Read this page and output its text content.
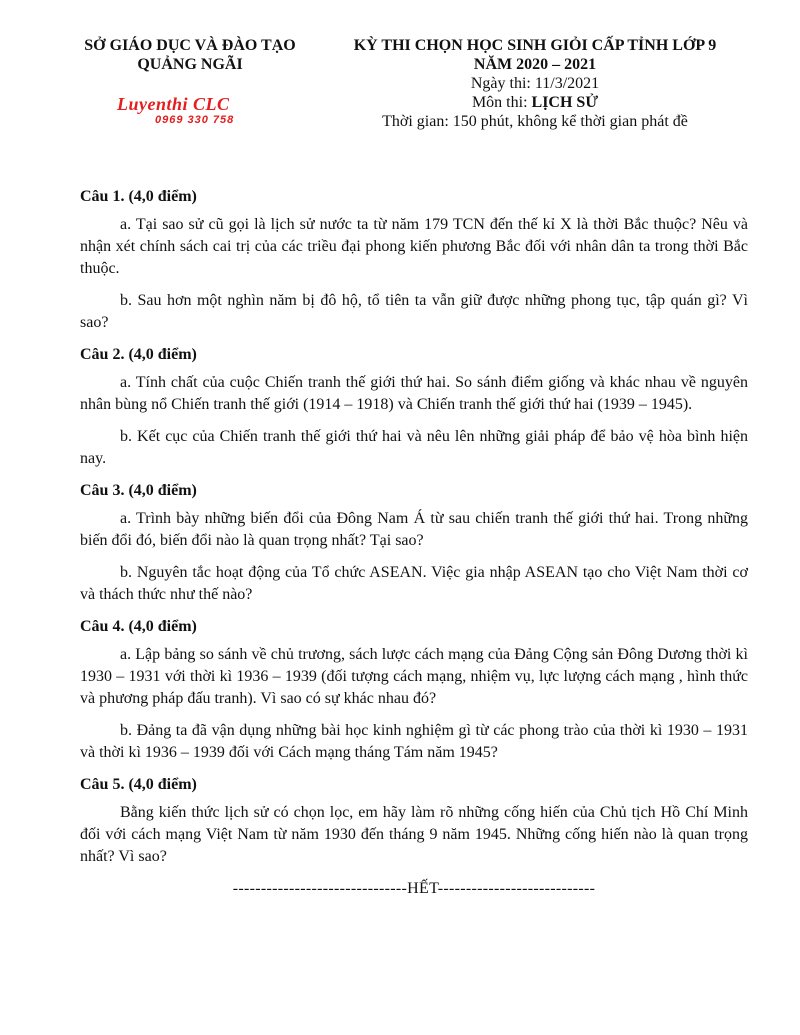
SỞ GIÁO DỤC VÀ ĐÀO TẠO
QUẢNG NGÃI
Luyenthi CLC
0969 330 758
KỲ THI CHỌN HỌC SINH GIỎI CẤP TỈNH LỚP 9
NĂM 2020 – 2021
Ngày thi: 11/3/2021
Môn thi: LỊCH SỬ
Thời gian: 150 phút, không kể thời gian phát đề
Câu 1. (4,0 điểm)

a. Tại sao sử cũ gọi là lịch sử nước ta từ năm 179 TCN đến thế kỉ X là thời Bắc thuộc? Nêu và nhận xét chính sách cai trị của các triều đại phong kiến phương Bắc đối với nhân dân ta trong thời Bắc thuộc.

b. Sau hơn một nghìn năm bị đô hộ, tổ tiên ta vẫn giữ được những phong tục, tập quán gì? Vì sao?

Câu 2. (4,0 điểm)

a. Tính chất của cuộc Chiến tranh thế giới thứ hai. So sánh điểm giống và khác nhau về nguyên nhân bùng nổ Chiến tranh thế giới (1914 – 1918) và Chiến tranh thế giới thứ hai (1939 – 1945).

b. Kết cục của Chiến tranh thế giới thứ hai và nêu lên những giải pháp để bảo vệ hòa bình hiện nay.

Câu 3. (4,0 điểm)

a. Trình bày những biến đổi của Đông Nam Á từ sau chiến tranh thế giới thứ hai. Trong những biến đổi đó, biến đổi nào là quan trọng nhất? Tại sao?

b. Nguyên tắc hoạt động của Tổ chức ASEAN. Việc gia nhập ASEAN tạo cho Việt Nam thời cơ và thách thức như thế nào?

Câu 4. (4,0 điểm)

a. Lập bảng so sánh về chủ trương, sách lược cách mạng của Đảng Cộng sản Đông Dương thời kì 1930 – 1931 với thời kì 1936 – 1939 (đối tượng cách mạng, nhiệm vụ, lực lượng cách mạng , hình thức và phương pháp đấu tranh). Vì sao có sự khác nhau đó?

b. Đảng ta đã vận dụng những bài học kinh nghiệm gì từ các phong trào của thời kì 1930 – 1931 và thời kì 1936 – 1939 đối với Cách mạng tháng Tám năm 1945?

Câu 5. (4,0 điểm)

Bằng kiến thức lịch sử có chọn lọc, em hãy làm rõ những cống hiến của Chủ tịch Hồ Chí Minh đối với cách mạng Việt Nam từ năm 1930 đến tháng 9 năm 1945. Những cống hiến nào là quan trọng nhất? Vì sao?

-------------------------------HẾT----------------------------
